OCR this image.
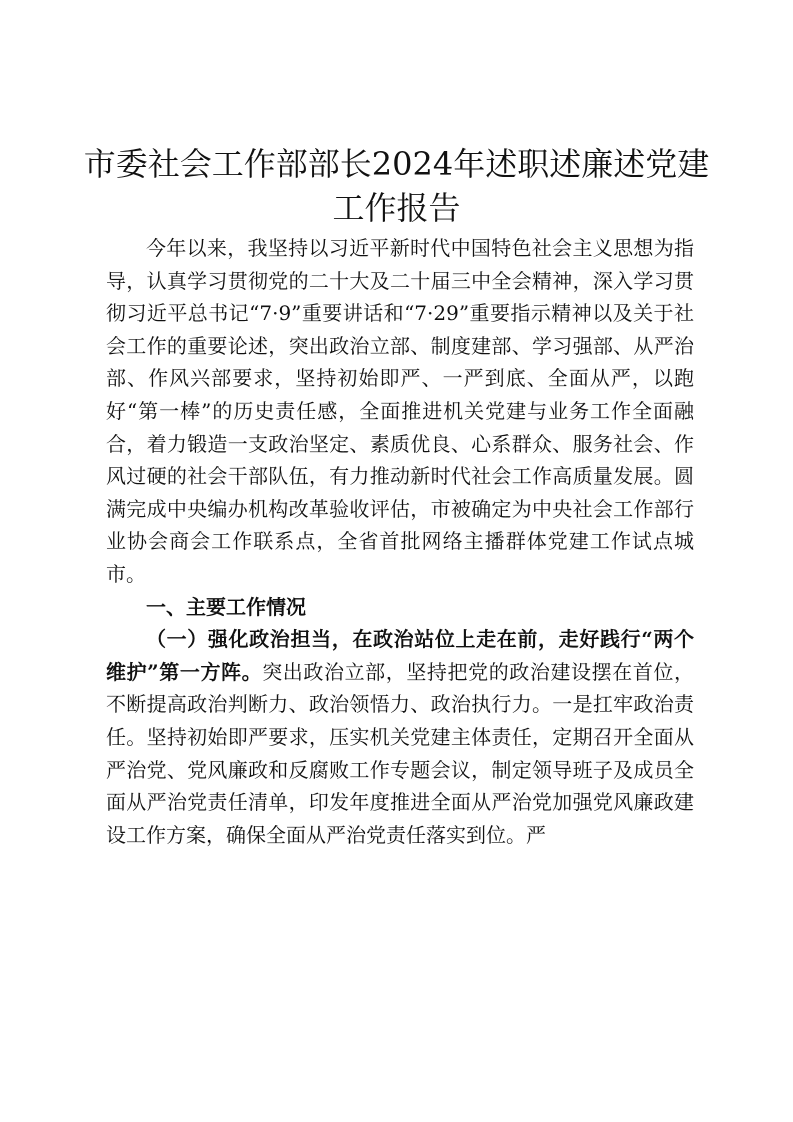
市委社会工作部部长2024年述职述廉述党建
工作报告

今年以来，我坚持以习近平新时代中国特色社会主义思想为指导，认真学习贯彻党的二十大及二十届三中全会精神，深入学习贯彻习近平总书记“7·9”重要讲话和“7·29”重要指示精神以及关于社会工作的重要论述，突出政治立部、制度建部、学习强部、从严治部、作风兴部要求，坚持初始即严、一严到底、全面从严，以跑好“第一棒”的历史责任感，全面推进机关党建与业务工作全面融合，着力锻造一支政治坚定、素质优良、心系群众、服务社会、作风过硬的社会干部队伍，有力推动新时代社会工作高质量发展。圆满完成中央编办机构改革验收评估，市被确定为中央社会工作部行业协会商会工作联系点，全省首批网络主播群体党建工作试点城市。

一、主要工作情况

（一）强化政治担当，在政治站位上走在前，走好践行“两个维护”第一方阵。突出政治立部，坚持把党的政治建设摆在首位，不断提高政治判断力、政治领悟力、政治执行力。一是扛牢政治责任。坚持初始即严要求，压实机关党建主体责任，定期召开全面从严治党、党风廉政和反腐败工作专题会议，制定领导班子及成员全面从严治党责任清单，印发年度推进全面从严治党加强党风廉政建设工作方案，确保全面从严治党责任落实到位。严
